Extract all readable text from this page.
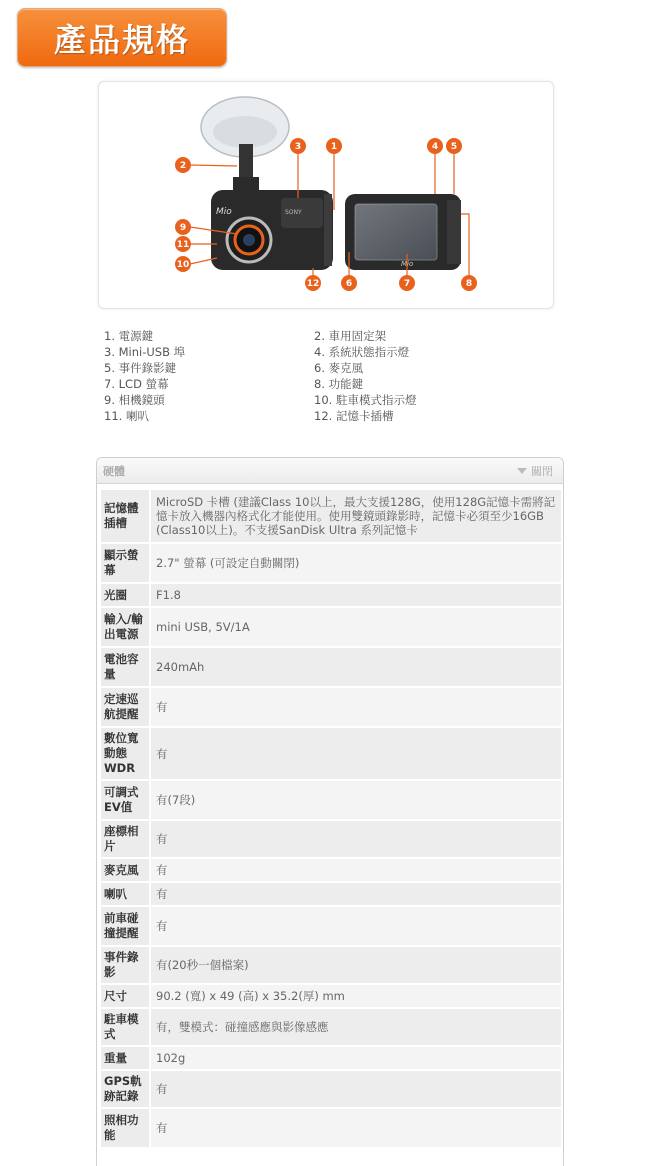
產品規格
SONY
Mio
Mio
1
2
3	4 5
6	7	8
9
10
11
12
1. 電源鍵
3. Mini-USB 埠
5. 事件錄影鍵
7. LCD 螢幕
9. 相機鏡頭
11. 喇叭
2. 車用固定架
4. 系統狀態指示燈
6. 麥克風
8. 功能鍵
10. 駐車模式指示燈
12. 記憶卡插槽
硬體	關閉
記憶體插槽	MicroSD 卡槽 (建議Class 10以上，最大支援128G，使用128G記憶卡需將記憶卡放入機器內格式化才能使用。使用雙鏡頭錄影時，記憶卡必須至少16GB (Class10以上)。不支援SanDisk Ultra 系列記憶卡
顯示螢幕	2.7" 螢幕 (可設定自動關閉)
光圈	F1.8
輸入/輸出電源	mini USB, 5V/1A
電池容量	240mAh
定速巡航提醒	有
數位寬動態WDR	有
可調式EV值	有(7段)
座標相片	有
麥克風	有
喇叭	有
前車碰撞提醒	有
事件錄影	有(20秒一個檔案)
尺寸	90.2 (寬) x 49 (高) x 35.2(厚) mm
駐車模式	有，雙模式：碰撞感應與影像感應
重量	102g
GPS軌跡記錄	有
照相功能	有
